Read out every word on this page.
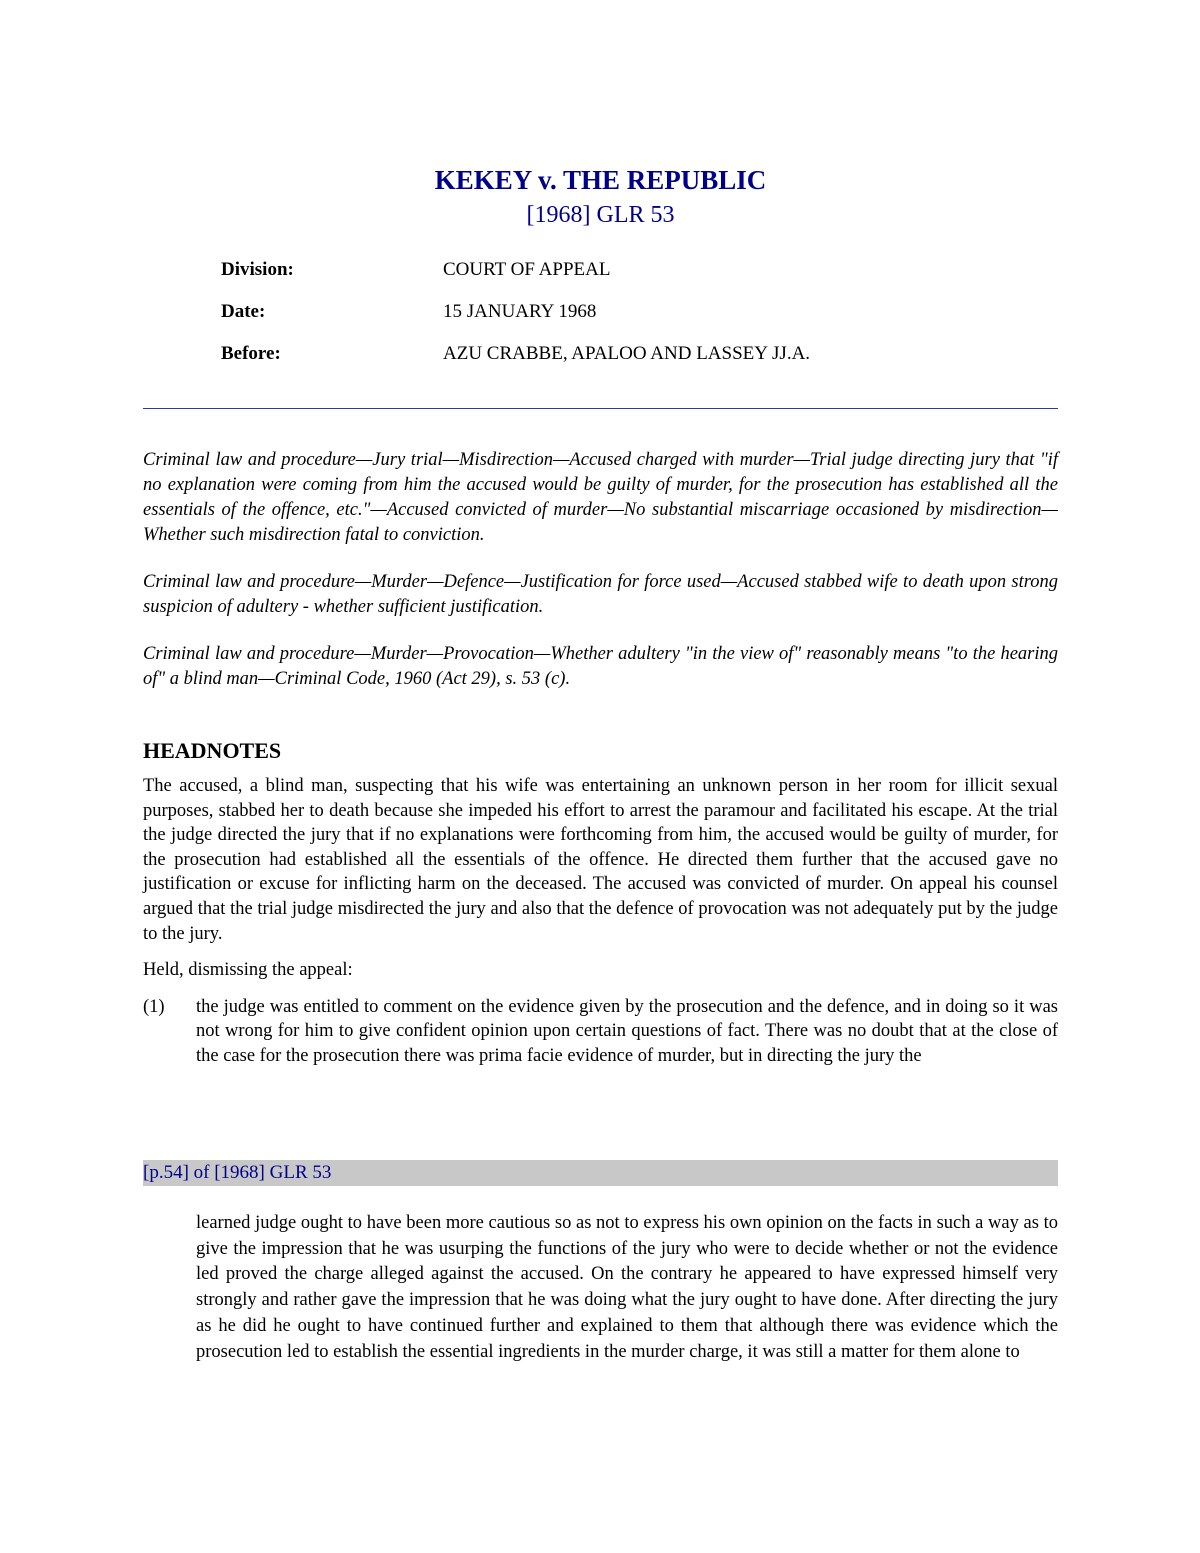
KEKEY v. THE REPUBLIC
[1968] GLR 53
Division:	COURT OF APPEAL
Date:	15 JANUARY 1968
Before:	AZU CRABBE, APALOO AND LASSEY JJ.A.

Criminal law and procedure—Jury trial—Misdirection—Accused charged with murder—Trial judge directing jury that "if no explanation were coming from him the accused would be guilty of murder, for the prosecution has established all the essentials of the offence, etc."—Accused convicted of murder—No substantial miscarriage occasioned by misdirection—Whether such misdirection fatal to conviction.

Criminal law and procedure—Murder—Defence—Justification for force used—Accused stabbed wife to death upon strong suspicion of adultery - whether sufficient justification.

Criminal law and procedure—Murder—Provocation—Whether adultery "in the view of" reasonably means "to the hearing of" a blind man—Criminal Code, 1960 (Act 29), s. 53 (c).

HEADNOTES

The accused, a blind man, suspecting that his wife was entertaining an unknown person in her room for illicit sexual purposes, stabbed her to death because she impeded his effort to arrest the paramour and facilitated his escape. At the trial the judge directed the jury that if no explanations were forthcoming from him, the accused would be guilty of murder, for the prosecution had established all the essentials of the offence. He directed them further that the accused gave no justification or excuse for inflicting harm on the deceased. The accused was convicted of murder. On appeal his counsel argued that the trial judge misdirected the jury and also that the defence of provocation was not adequately put by the judge to the jury.

Held, dismissing the appeal:

(1) the judge was entitled to comment on the evidence given by the prosecution and the defence, and in doing so it was not wrong for him to give confident opinion upon certain questions of fact. There was no doubt that at the close of the case for the prosecution there was prima facie evidence of murder, but in directing the jury the
[p.54] of [1968] GLR 53
learned judge ought to have been more cautious so as not to express his own opinion on the facts in such a way as to give the impression that he was usurping the functions of the jury who were to decide whether or not the evidence led proved the charge alleged against the accused. On the contrary he appeared to have expressed himself very strongly and rather gave the impression that he was doing what the jury ought to have done. After directing the jury as he did he ought to have continued further and explained to them that although there was evidence which the prosecution led to establish the essential ingredients in the murder charge, it was still a matter for them alone to
